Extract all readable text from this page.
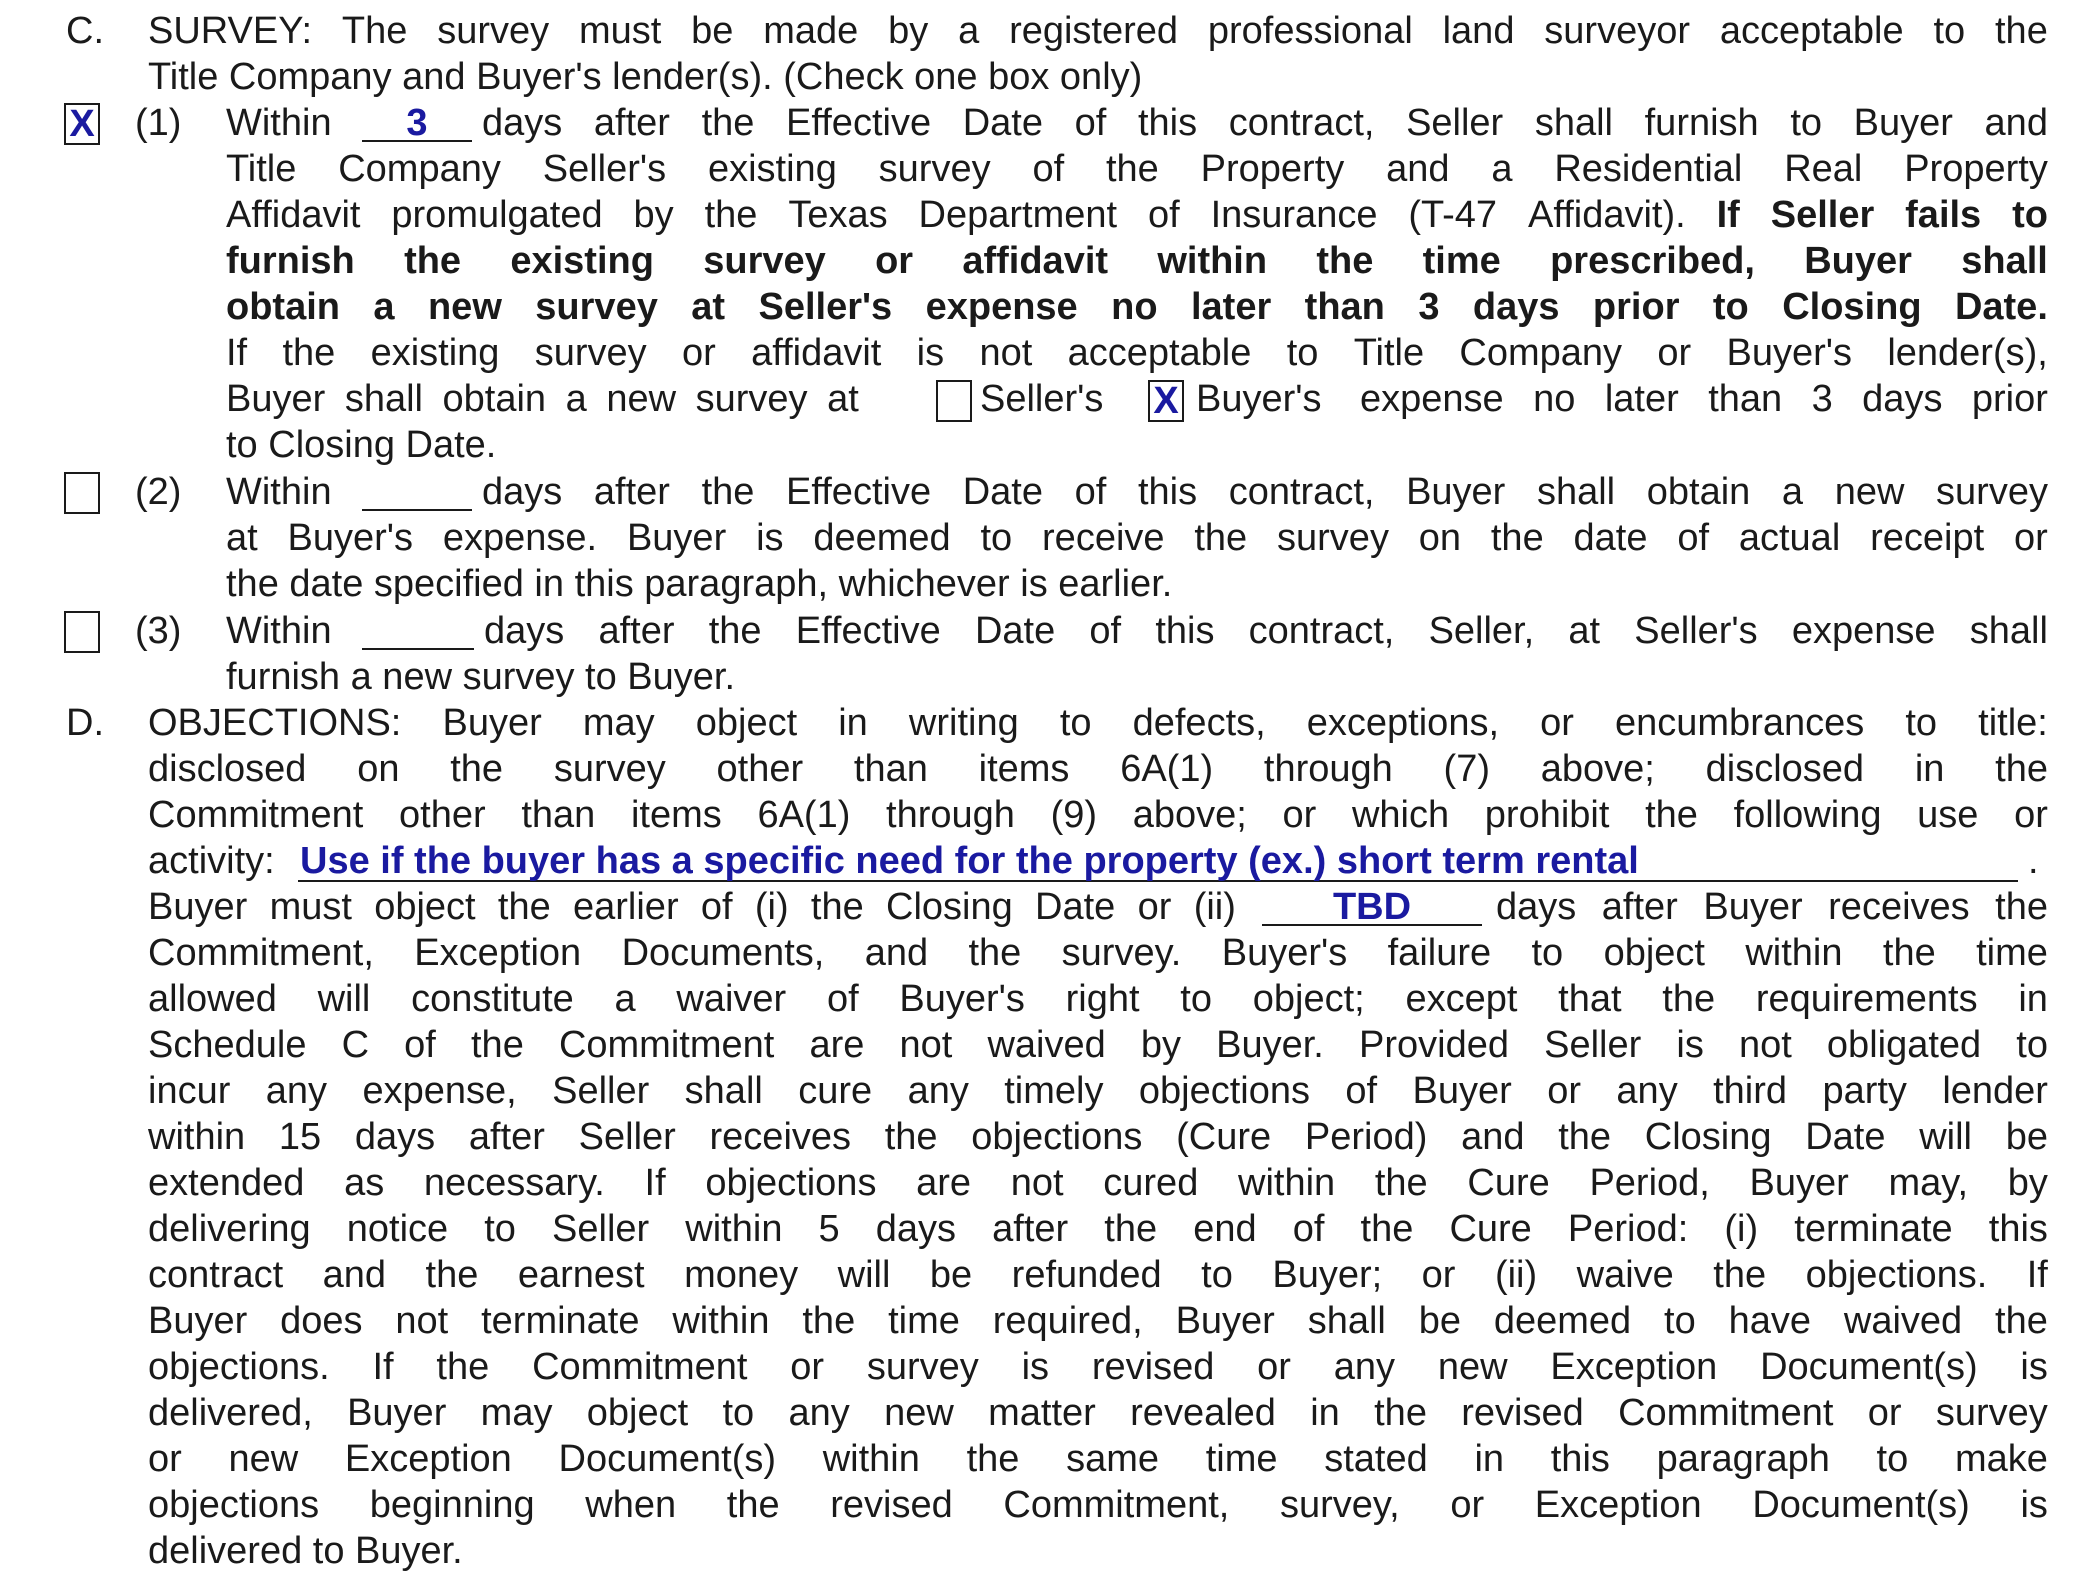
C. SURVEY: The survey must be made by a registered professional land surveyor acceptable to the
Title Company and Buyer's lender(s). (Check one box only)
X (1) Within	3	days after the Effective Date of this contract, Seller shall furnish to Buyer and
Title Company Seller's existing survey of the Property and a Residential Real Property
Affidavit promulgated by the Texas Department of Insurance (T-47 Affidavit). If Seller fails to
furnish the existing survey or affidavit within the time prescribed, Buyer shall
obtain a new survey at Seller's expense no later than 3 days prior to Closing Date.
If the existing survey or affidavit is not acceptable to Title Company or Buyer's lender(s),
Buyer shall obtain a new survey at	Seller's X Buyer's expense no later than 3 days prior
to Closing Date.
(2) Within	days after the Effective Date of this contract, Buyer shall obtain a new survey
at Buyer's expense. Buyer is deemed to receive the survey on the date of actual receipt or
the date specified in this paragraph, whichever is earlier.
(3) Within	days after the Effective Date of this contract, Seller, at Seller's expense shall
furnish a new survey to Buyer.
D. OBJECTIONS: Buyer may object in writing to defects, exceptions, or encumbrances to title:
disclosed on the survey other than items 6A(1) through (7) above; disclosed in the
Commitment other than items 6A(1) through (9) above; or which prohibit the following use or
activity: Use if the buyer has a specific need for the property (ex.) short term rental	.
Buyer must object the earlier of (i) the Closing Date or (ii)	TBD	days after Buyer receives the
Commitment, Exception Documents, and the survey. Buyer's failure to object within the time
allowed will constitute a waiver of Buyer's right to object; except that the requirements in
Schedule C of the Commitment are not waived by Buyer. Provided Seller is not obligated to
incur any expense, Seller shall cure any timely objections of Buyer or any third party lender
within 15 days after Seller receives the objections (Cure Period) and the Closing Date will be
extended as necessary. If objections are not cured within the Cure Period, Buyer may, by
delivering notice to Seller within 5 days after the end of the Cure Period: (i) terminate this
contract and the earnest money will be refunded to Buyer; or (ii) waive the objections. If
Buyer does not terminate within the time required, Buyer shall be deemed to have waived the
objections. If the Commitment or survey is revised or any new Exception Document(s) is
delivered, Buyer may object to any new matter revealed in the revised Commitment or survey
or new Exception Document(s) within the same time stated in this paragraph to make
objections beginning when the revised Commitment, survey, or Exception Document(s) is
delivered to Buyer.
